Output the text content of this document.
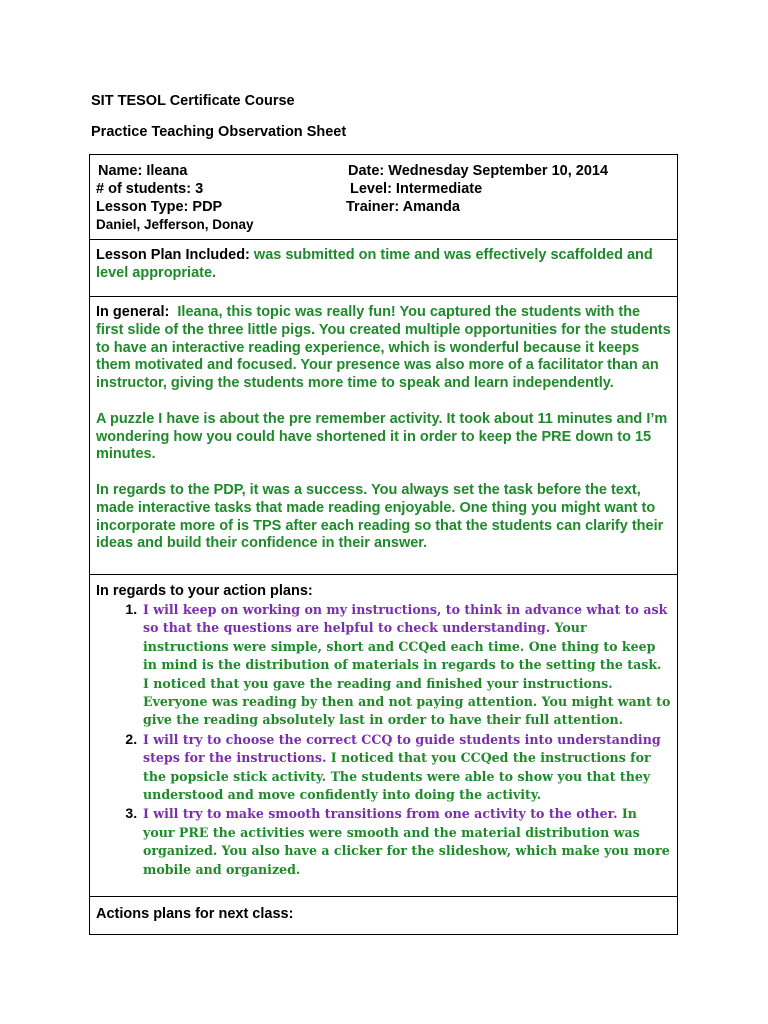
SIT TESOL Certificate Course
Practice Teaching Observation Sheet
Name: Ileana	Date: Wednesday September 10, 2014
# of students: 3	Level: Intermediate
Lesson Type: PDP	Trainer: Amanda
Daniel, Jefferson, Donay

Lesson Plan Included: was submitted on time and was effectively scaffolded and level appropriate.

In general: Ileana, this topic was really fun! You captured the students with the first slide of the three little pigs. You created multiple opportunities for the students to have an interactive reading experience, which is wonderful because it keeps them motivated and focused. Your presence was also more of a facilitator than an instructor, giving the students more time to speak and learn independently.

A puzzle I have is about the pre remember activity. It took about 11 minutes and I’m wondering how you could have shortened it in order to keep the PRE down to 15 minutes.

In regards to the PDP, it was a success. You always set the task before the text, made interactive tasks that made reading enjoyable. One thing you might want to incorporate more of is TPS after each reading so that the students can clarify their ideas and build their confidence in their answer.

In regards to your action plans:

1. I will keep on working on my instructions, to think in advance what to ask so that the questions are helpful to check understanding. Your instructions were simple, short and CCQed each time. One thing to keep in mind is the distribution of materials in regards to the setting the task. I noticed that you gave the reading and finished your instructions. Everyone was reading by then and not paying attention. You might want to give the reading absolutely last in order to have their full attention.
2. I will try to choose the correct CCQ to guide students into understanding steps for the instructions. I noticed that you CCQed the instructions for the popsicle stick activity. The students were able to show you that they understood and move confidently into doing the activity.
3. I will try to make smooth transitions from one activity to the other. In your PRE the activities were smooth and the material distribution was organized. You also have a clicker for the slideshow, which make you more mobile and organized.

Actions plans for next class:
